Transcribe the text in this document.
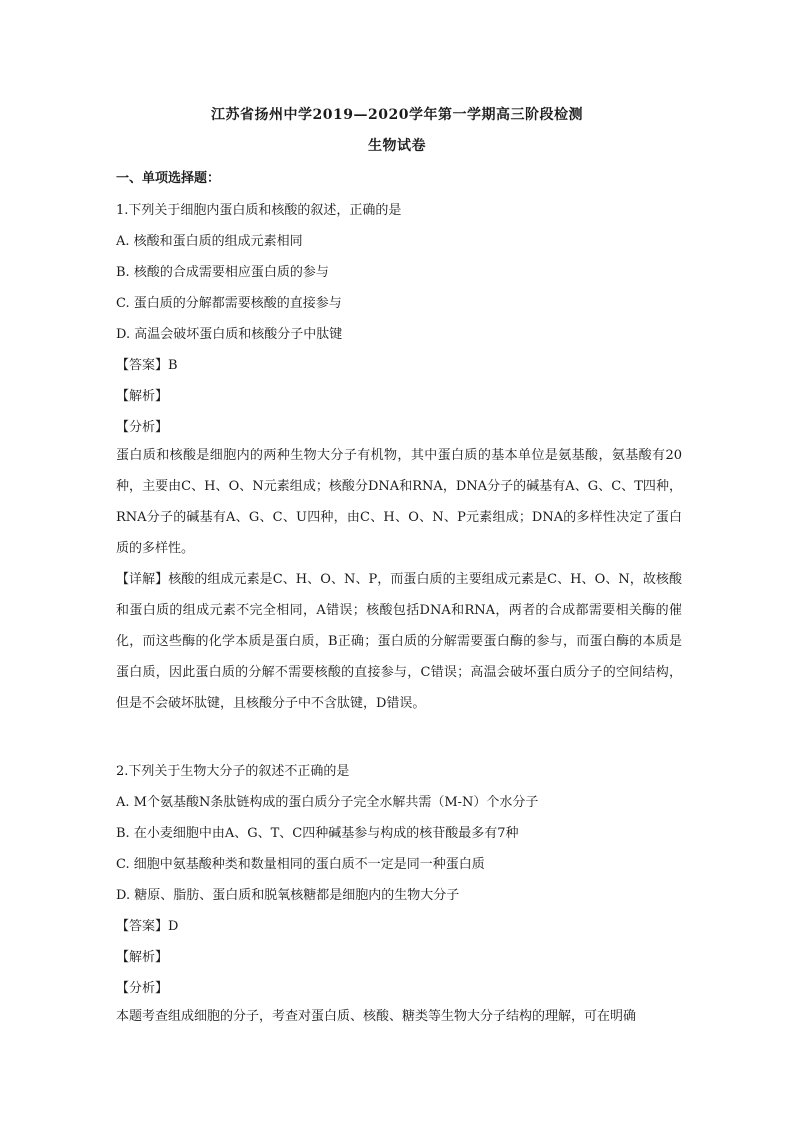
江苏省扬州中学2019—2020学年第一学期高三阶段检测
生物试卷
一、单项选择题：
1.下列关于细胞内蛋白质和核酸的叙述，正确的是
A. 核酸和蛋白质的组成元素相同
B. 核酸的合成需要相应蛋白质的参与
C. 蛋白质的分解都需要核酸的直接参与
D. 高温会破坏蛋白质和核酸分子中肽键
【答案】B
【解析】
【分析】
蛋白质和核酸是细胞内的两种生物大分子有机物，其中蛋白质的基本单位是氨基酸，氨基酸有20种，主要由C、H、O、N元素组成；核酸分DNA和RNA，DNA分子的碱基有A、G、C、T四种，RNA分子的碱基有A、G、C、U四种，由C、H、O、N、P元素组成；DNA的多样性决定了蛋白质的多样性。
【详解】核酸的组成元素是C、H、O、N、P，而蛋白质的主要组成元素是C、H、O、N，故核酸和蛋白质的组成元素不完全相同，A错误；核酸包括DNA和RNA，两者的合成都需要相关酶的催化，而这些酶的化学本质是蛋白质，B正确；蛋白质的分解需要蛋白酶的参与，而蛋白酶的本质是蛋白质，因此蛋白质的分解不需要核酸的直接参与，C错误；高温会破坏蛋白质分子的空间结构，但是不会破坏肽键，且核酸分子中不含肽键，D错误。
2.下列关于生物大分子的叙述不正确的是
A. M个氨基酸N条肽链构成的蛋白质分子完全水解共需（M-N）个水分子
B. 在小麦细胞中由A、G、T、C四种碱基参与构成的核苷酸最多有7种
C. 细胞中氨基酸种类和数量相同的蛋白质不一定是同一种蛋白质
D. 糖原、脂肪、蛋白质和脱氧核糖都是细胞内的生物大分子
【答案】D
【解析】
【分析】
本题考查组成细胞的分子，考查对蛋白质、核酸、糖类等生物大分子结构的理解，可在明确
